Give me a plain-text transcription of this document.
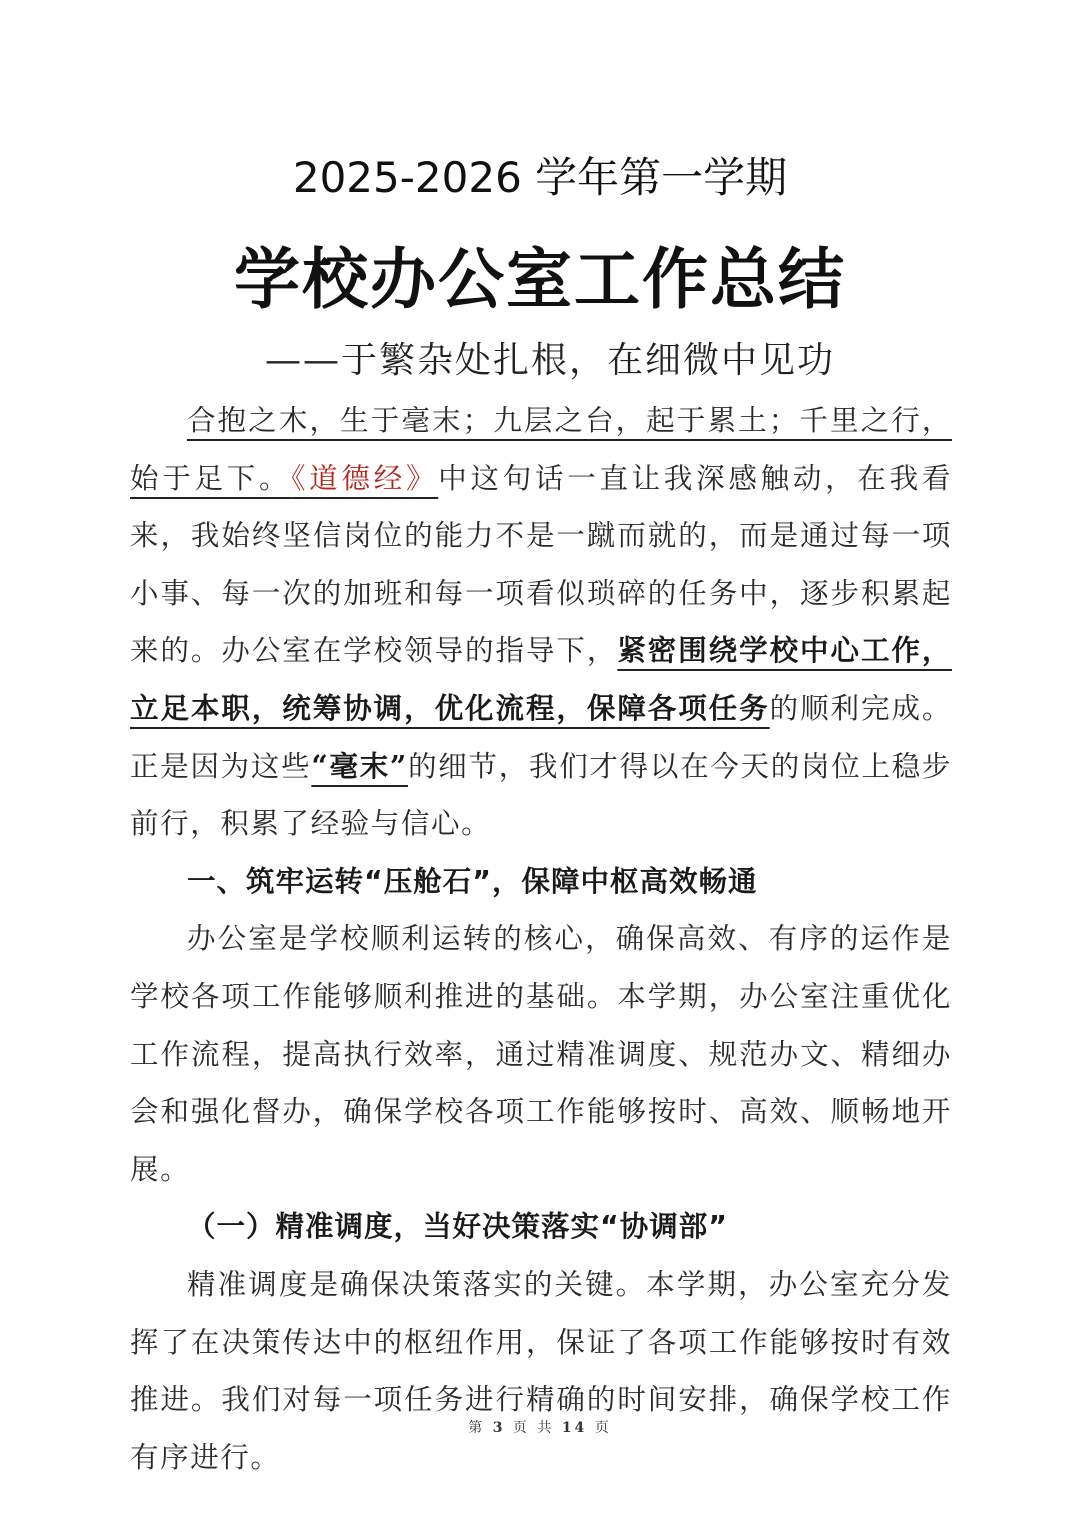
2025-2026 学年第一学期
学校办公室工作总结
——于繁杂处扎根，在细微中见功

合抱之木，生于毫末；九层之台，起于累土；千里之行，始于足下。《道德经》中这句话一直让我深感触动，在我看来，我始终坚信岗位的能力不是一蹴而就的，而是通过每一项小事、每一次的加班和每一项看似琐碎的任务中，逐步积累起来的。办公室在学校领导的指导下，紧密围绕学校中心工作，立足本职，统筹协调，优化流程，保障各项任务的顺利完成。正是因为这些“毫末”的细节，我们才得以在今天的岗位上稳步前行，积累了经验与信心。

一、筑牢运转“压舱石”，保障中枢高效畅通

办公室是学校顺利运转的核心，确保高效、有序的运作是学校各项工作能够顺利推进的基础。本学期，办公室注重优化工作流程，提高执行效率，通过精准调度、规范办文、精细办会和强化督办，确保学校各项工作能够按时、高效、顺畅地开展。

（一）精准调度，当好决策落实“协调部”

精准调度是确保决策落实的关键。本学期，办公室充分发挥了在决策传达中的枢纽作用，保证了各项工作能够按时有效推进。我们对每一项任务进行精确的时间安排，确保学校工作有序进行。

第 3 页 共 14 页
